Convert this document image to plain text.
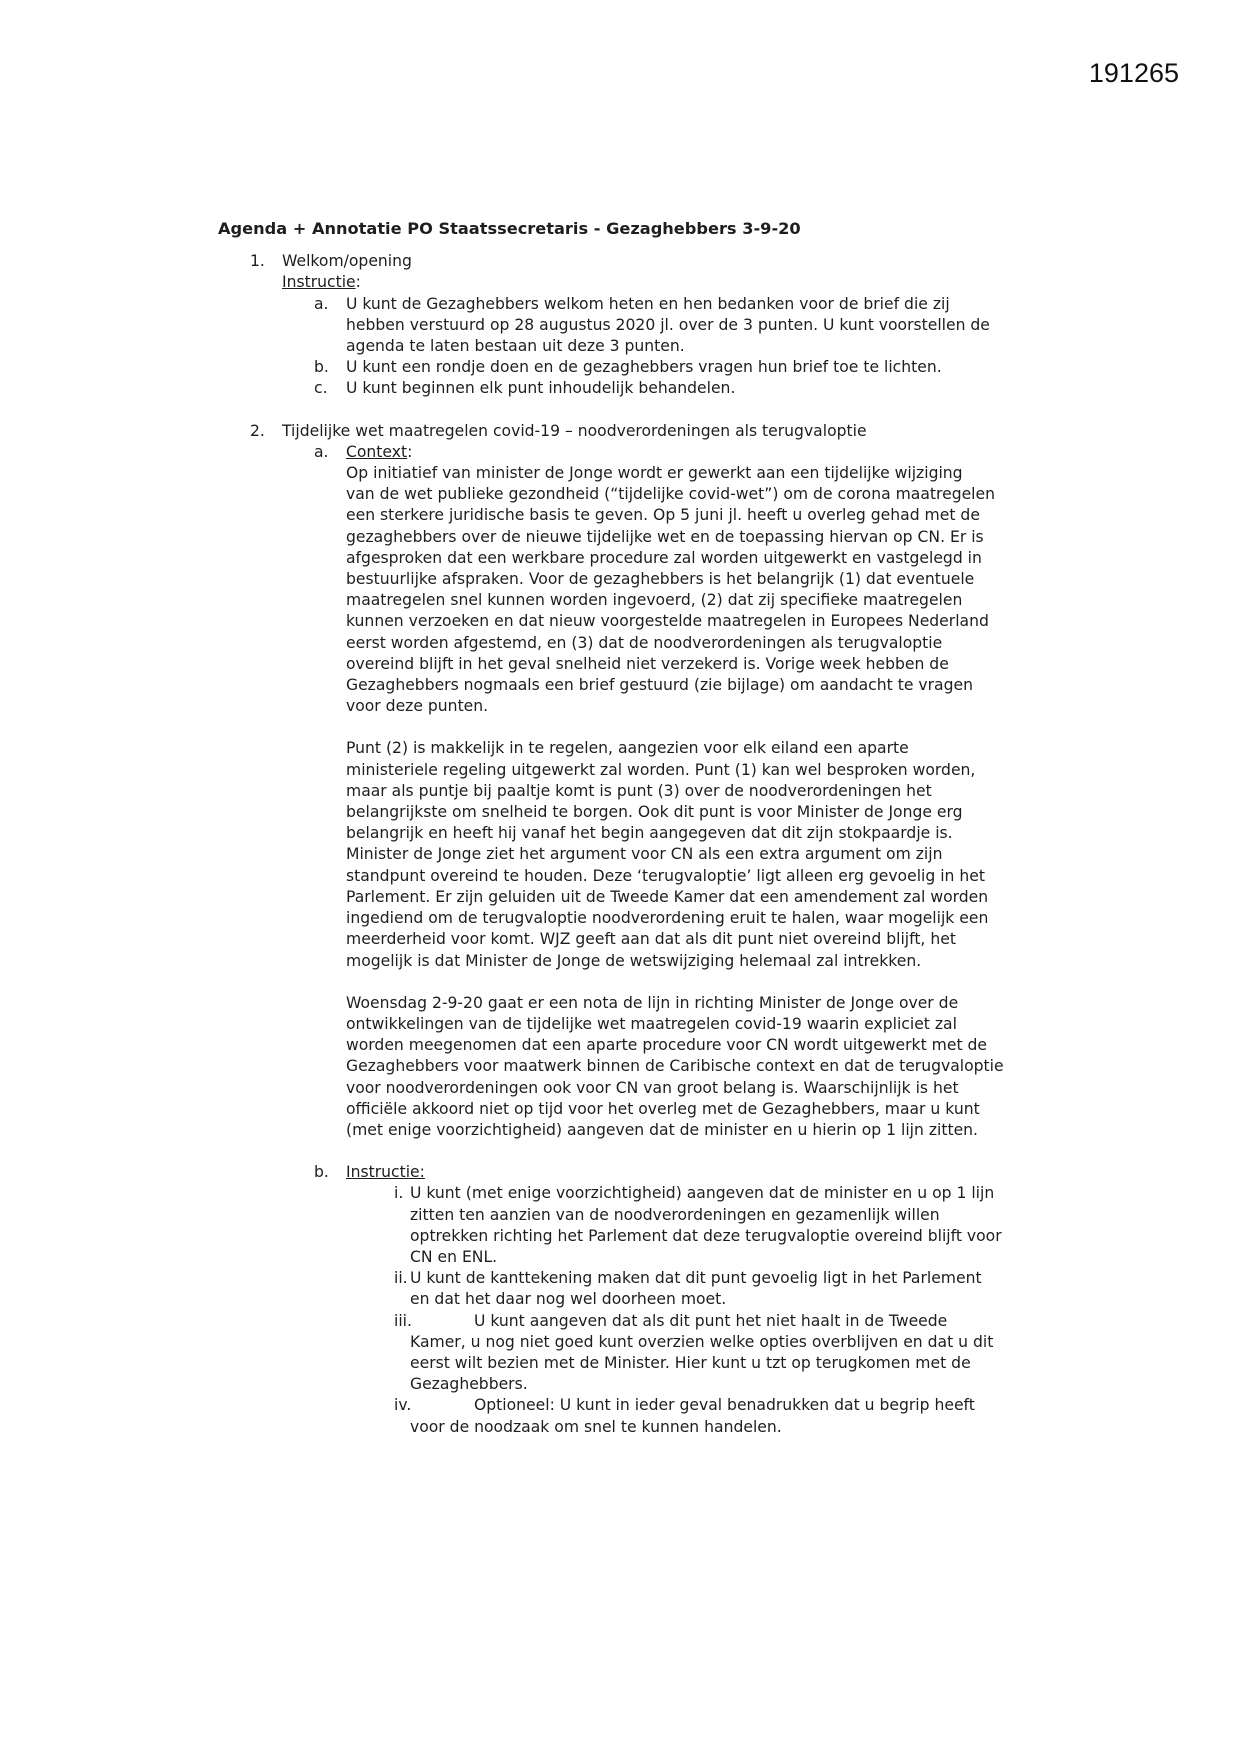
191265
Agenda + Annotatie PO Staatssecretaris - Gezaghebbers 3-9-20
1. Welkom/opening
Instructie:
a. U kunt de Gezaghebbers welkom heten en hen bedanken voor de brief die zij
hebben verstuurd op 28 augustus 2020 jl. over de 3 punten. U kunt voorstellen de
agenda te laten bestaan uit deze 3 punten.
b. U kunt een rondje doen en de gezaghebbers vragen hun brief toe te lichten.
c. U kunt beginnen elk punt inhoudelijk behandelen.
2. Tijdelijke wet maatregelen covid-19 – noodverordeningen als terugvaloptie
a. Context:
Op initiatief van minister de Jonge wordt er gewerkt aan een tijdelijke wijziging
van de wet publieke gezondheid (“tijdelijke covid-wet”) om de corona maatregelen
een sterkere juridische basis te geven. Op 5 juni jl. heeft u overleg gehad met de
gezaghebbers over de nieuwe tijdelijke wet en de toepassing hiervan op CN. Er is
afgesproken dat een werkbare procedure zal worden uitgewerkt en vastgelegd in
bestuurlijke afspraken. Voor de gezaghebbers is het belangrijk (1) dat eventuele
maatregelen snel kunnen worden ingevoerd, (2) dat zij specifieke maatregelen
kunnen verzoeken en dat nieuw voorgestelde maatregelen in Europees Nederland
eerst worden afgestemd, en (3) dat de noodverordeningen als terugvaloptie
overeind blijft in het geval snelheid niet verzekerd is. Vorige week hebben de
Gezaghebbers nogmaals een brief gestuurd (zie bijlage) om aandacht te vragen
voor deze punten.
Punt (2) is makkelijk in te regelen, aangezien voor elk eiland een aparte
ministeriele regeling uitgewerkt zal worden. Punt (1) kan wel besproken worden,
maar als puntje bij paaltje komt is punt (3) over de noodverordeningen het
belangrijkste om snelheid te borgen. Ook dit punt is voor Minister de Jonge erg
belangrijk en heeft hij vanaf het begin aangegeven dat dit zijn stokpaardje is.
Minister de Jonge ziet het argument voor CN als een extra argument om zijn
standpunt overeind te houden. Deze ‘terugvaloptie’ ligt alleen erg gevoelig in het
Parlement. Er zijn geluiden uit de Tweede Kamer dat een amendement zal worden
ingediend om de terugvaloptie noodverordening eruit te halen, waar mogelijk een
meerderheid voor komt. WJZ geeft aan dat als dit punt niet overeind blijft, het
mogelijk is dat Minister de Jonge de wetswijziging helemaal zal intrekken.
Woensdag 2-9-20 gaat er een nota de lijn in richting Minister de Jonge over de
ontwikkelingen van de tijdelijke wet maatregelen covid-19 waarin expliciet zal
worden meegenomen dat een aparte procedure voor CN wordt uitgewerkt met de
Gezaghebbers voor maatwerk binnen de Caribische context en dat de terugvaloptie
voor noodverordeningen ook voor CN van groot belang is. Waarschijnlijk is het
officiële akkoord niet op tijd voor het overleg met de Gezaghebbers, maar u kunt
(met enige voorzichtigheid) aangeven dat de minister en u hierin op 1 lijn zitten.
b. Instructie:
i. U kunt (met enige voorzichtigheid) aangeven dat de minister en u op 1 lijn
zitten ten aanzien van de noodverordeningen en gezamenlijk willen
optrekken richting het Parlement dat deze terugvaloptie overeind blijft voor
CN en ENL.
ii. U kunt de kanttekening maken dat dit punt gevoelig ligt in het Parlement
en dat het daar nog wel doorheen moet.
iii.	U kunt aangeven dat als dit punt het niet haalt in de Tweede
Kamer, u nog niet goed kunt overzien welke opties overblijven en dat u dit
eerst wilt bezien met de Minister. Hier kunt u tzt op terugkomen met de
Gezaghebbers.
iv.	Optioneel: U kunt in ieder geval benadrukken dat u begrip heeft
voor de noodzaak om snel te kunnen handelen.
